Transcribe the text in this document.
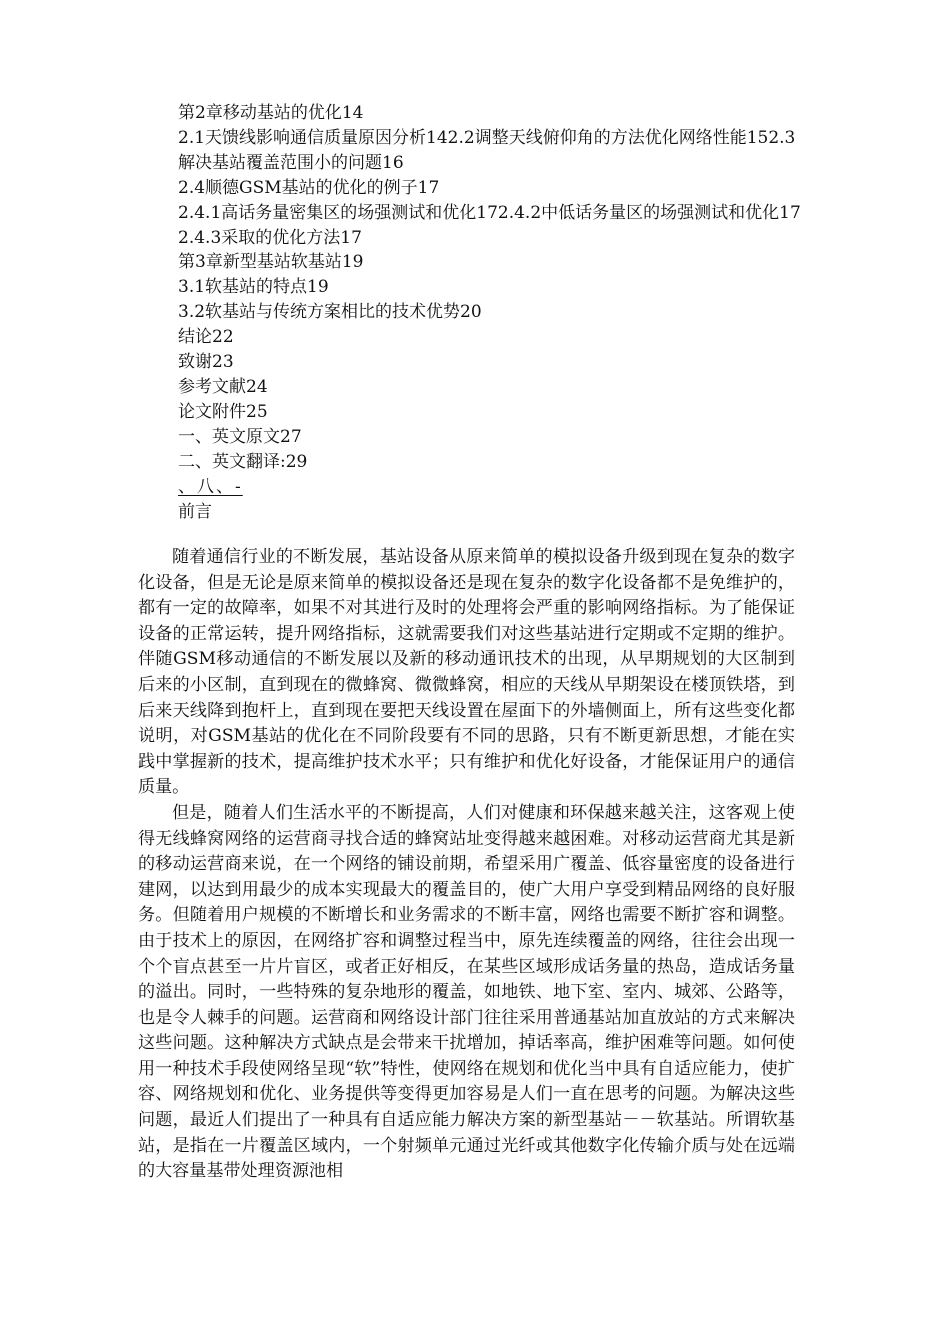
第2章移动基站的优化14

2.1天馈线影响通信质量原因分析142.2调整天线俯仰角的方法优化网络性能152.3解决基站覆盖范围小的问题16

2.4顺德GSM基站的优化的例子17

2.4.1高话务量密集区的场强测试和优化172.4.2中低话务量区的场强测试和优化17

2.4.3采取的优化方法17

第3章新型基站软基站19

3.1软基站的特点19

3.2软基站与传统方案相比的技术优势20

结论22

致谢23

参考文献24

论文附件25

一、英文原文27

二、英文翻译:29

、八、-

前言

随着通信行业的不断发展，基站设备从原来简单的模拟设备升级到现在复杂的数字化设备，但是无论是原来简单的模拟设备还是现在复杂的数字化设备都不是免维护的，都有一定的故障率，如果不对其进行及时的处理将会严重的影响网络指标。为了能保证设备的正常运转，提升网络指标，这就需要我们对这些基站进行定期或不定期的维护。伴随GSM移动通信的不断发展以及新的移动通讯技术的出现，从早期规划的大区制到后来的小区制，直到现在的微蜂窝、微微蜂窝，相应的天线从早期架设在楼顶铁塔，到后来天线降到抱杆上，直到现在要把天线设置在屋面下的外墙侧面上，所有这些变化都说明，对GSM基站的优化在不同阶段要有不同的思路，只有不断更新思想，才能在实践中掌握新的技术，提高维护技术水平；只有维护和优化好设备，才能保证用户的通信质量。

但是，随着人们生活水平的不断提高，人们对健康和环保越来越关注，这客观上使得无线蜂窝网络的运营商寻找合适的蜂窝站址变得越来越困难。对移动运营商尤其是新的移动运营商来说，在一个网络的铺设前期，希望采用广覆盖、低容量密度的设备进行建网，以达到用最少的成本实现最大的覆盖目的，使广大用户享受到精品网络的良好服务。但随着用户规模的不断增长和业务需求的不断丰富，网络也需要不断扩容和调整。由于技术上的原因，在网络扩容和调整过程当中，原先连续覆盖的网络，往往会出现一个个盲点甚至一片片盲区，或者正好相反，在某些区域形成话务量的热岛，造成话务量的溢出。同时，一些特殊的复杂地形的覆盖，如地铁、地下室、室内、城郊、公路等，也是令人棘手的问题。运营商和网络设计部门往往采用普通基站加直放站的方式来解决这些问题。这种解决方式缺点是会带来干扰增加，掉话率高，维护困难等问题。如何使用一种技术手段使网络呈现“软”特性，使网络在规划和优化当中具有自适应能力，使扩容、网络规划和优化、业务提供等变得更加容易是人们一直在思考的问题。为解决这些问题，最近人们提出了一种具有自适应能力解决方案的新型基站－－软基站。所谓软基站，是指在一片覆盖区域内，一个射频单元通过光纤或其他数字化传输介质与处在远端的大容量基带处理资源池相
